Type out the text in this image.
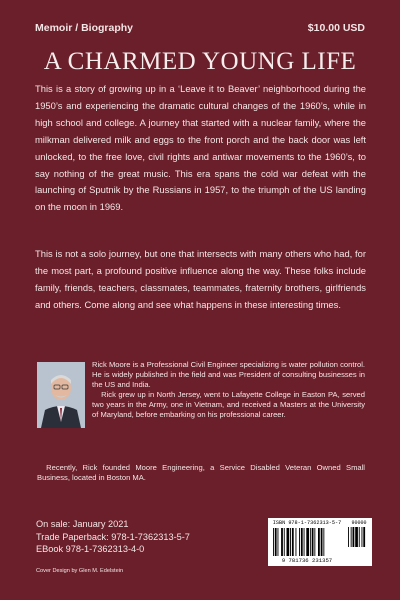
Memoir / Biography	$10.00 USD
A CHARMED YOUNG LIFE

This is a story of growing up in a ‘Leave it to Beaver’ neighborhood during the 1950’s and experiencing the dramatic cultural changes of the 1960’s, while in high school and college. A journey that started with a nuclear family, where the milkman delivered milk and eggs to the front porch and the back door was left unlocked, to the free love, civil rights and antiwar movements to the 1960’s, to say nothing of the great music. This era spans the cold war defeat with the launching of Sputnik by the Russians in 1957, to the triumph of the US landing on the moon in 1969.

This is not a solo journey, but one that intersects with many others who had, for the most part, a profound positive influence along the way. These folks include family, friends, teachers, classmates, teammates, fraternity brothers, girlfriends and others. Come along and see what happens in these interesting times.

Rick Moore is a Professional Civil Engineer specializing is water pollution control. He is widely published in the field and was President of consulting businesses in the US and India.
Rick grew up in North Jersey, went to Lafayette College in Easton PA, served two years in the Army, one in Vietnam, and received a Masters at the University of Maryland, before embarking on his professional career.
Recently, Rick founded Moore Engineering, a Service Disabled Veteran Owned Small Business, located in Boston MA.
On sale: January 2021
Trade Paperback: 978-1-7362313-5-7
EBook 978-1-7362313-4-0
Cover Design by Glen M. Edelstein
ISBN 978-1-7362313-5-7
9 781736 231357
90000
